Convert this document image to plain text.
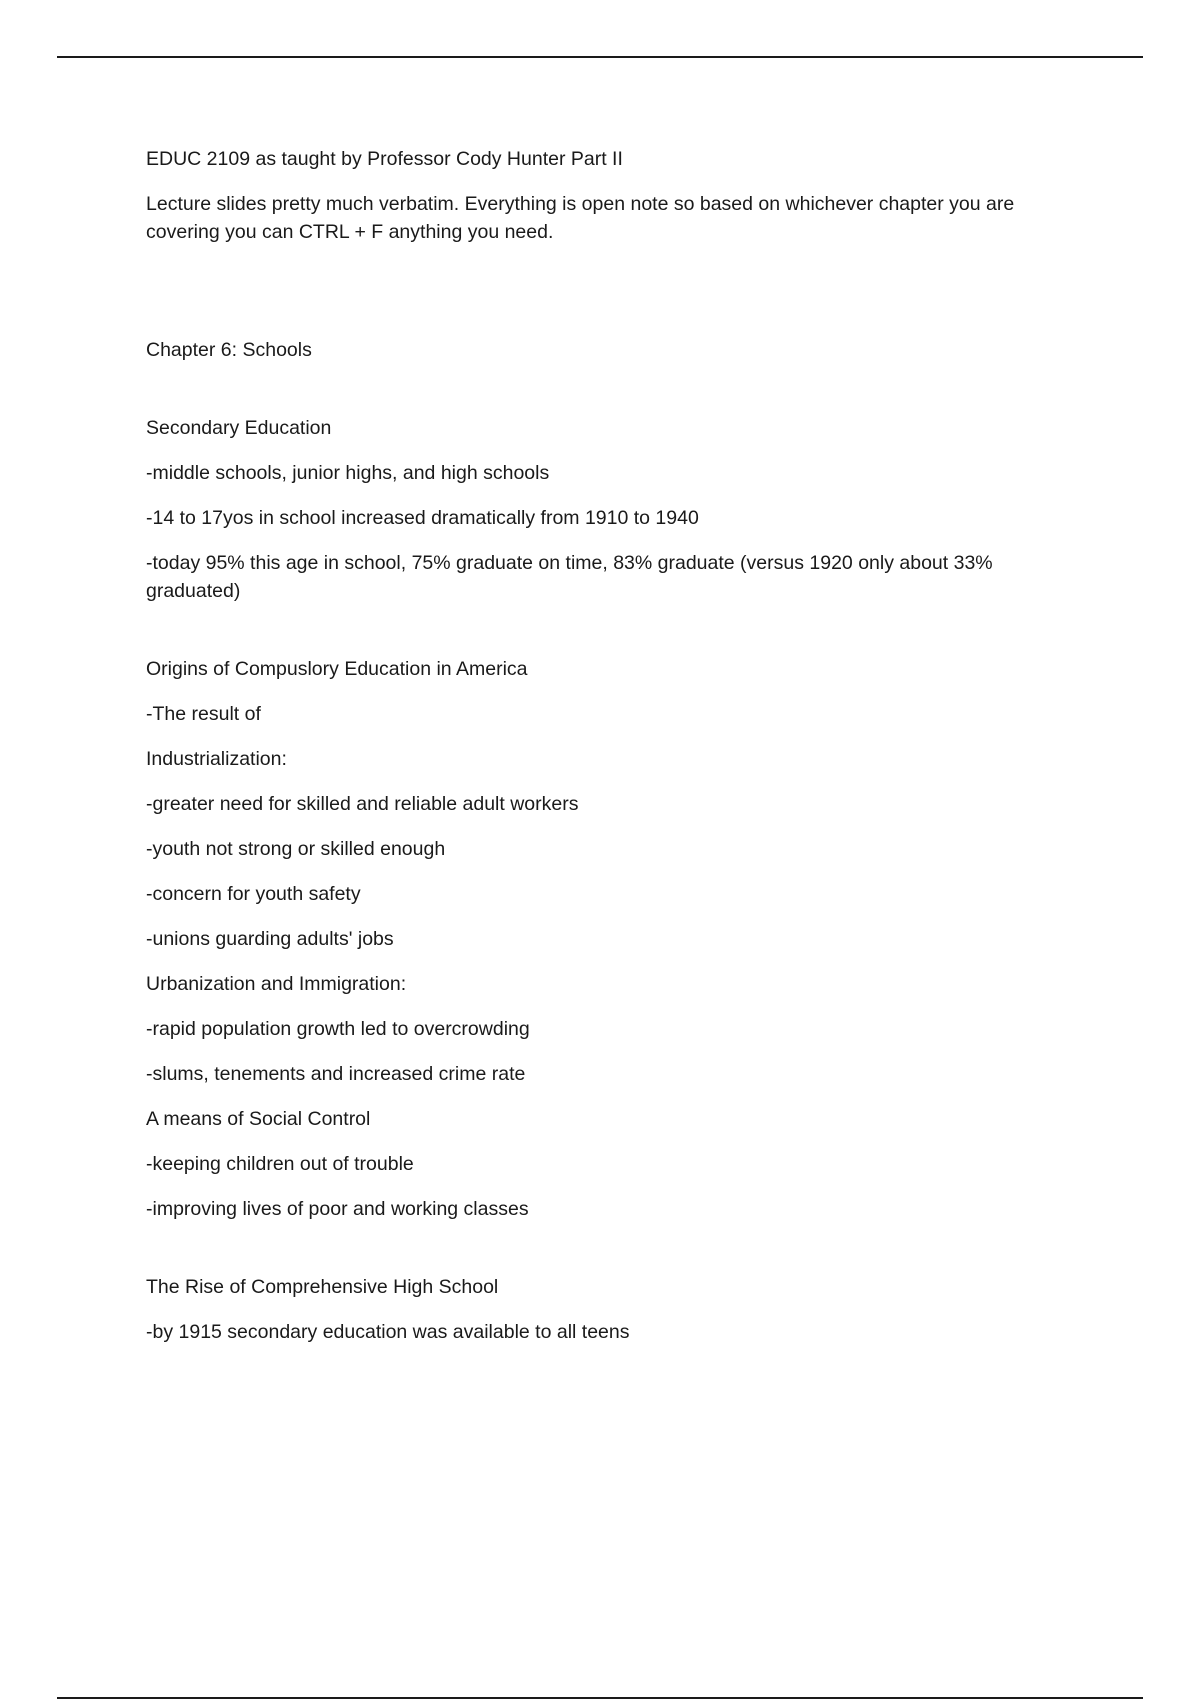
EDUC 2109 as taught by Professor Cody Hunter Part II

Lecture slides pretty much verbatim. Everything is open note so based on whichever chapter you are covering you can CTRL + F anything you need.

Chapter 6: Schools

Secondary Education

-middle schools, junior highs, and high schools

-14 to 17yos in school increased dramatically from 1910 to 1940

-today 95% this age in school, 75% graduate on time, 83% graduate (versus 1920 only about 33% graduated)

Origins of Compuslory Education in America

-The result of

Industrialization:

-greater need for skilled and reliable adult workers

-youth not strong or skilled enough

-concern for youth safety

-unions guarding adults' jobs

Urbanization and Immigration:

-rapid population growth led to overcrowding

-slums, tenements and increased crime rate

A means of Social Control

-keeping children out of trouble

-improving lives of poor and working classes

The Rise of Comprehensive High School

-by 1915 secondary education was available to all teens
